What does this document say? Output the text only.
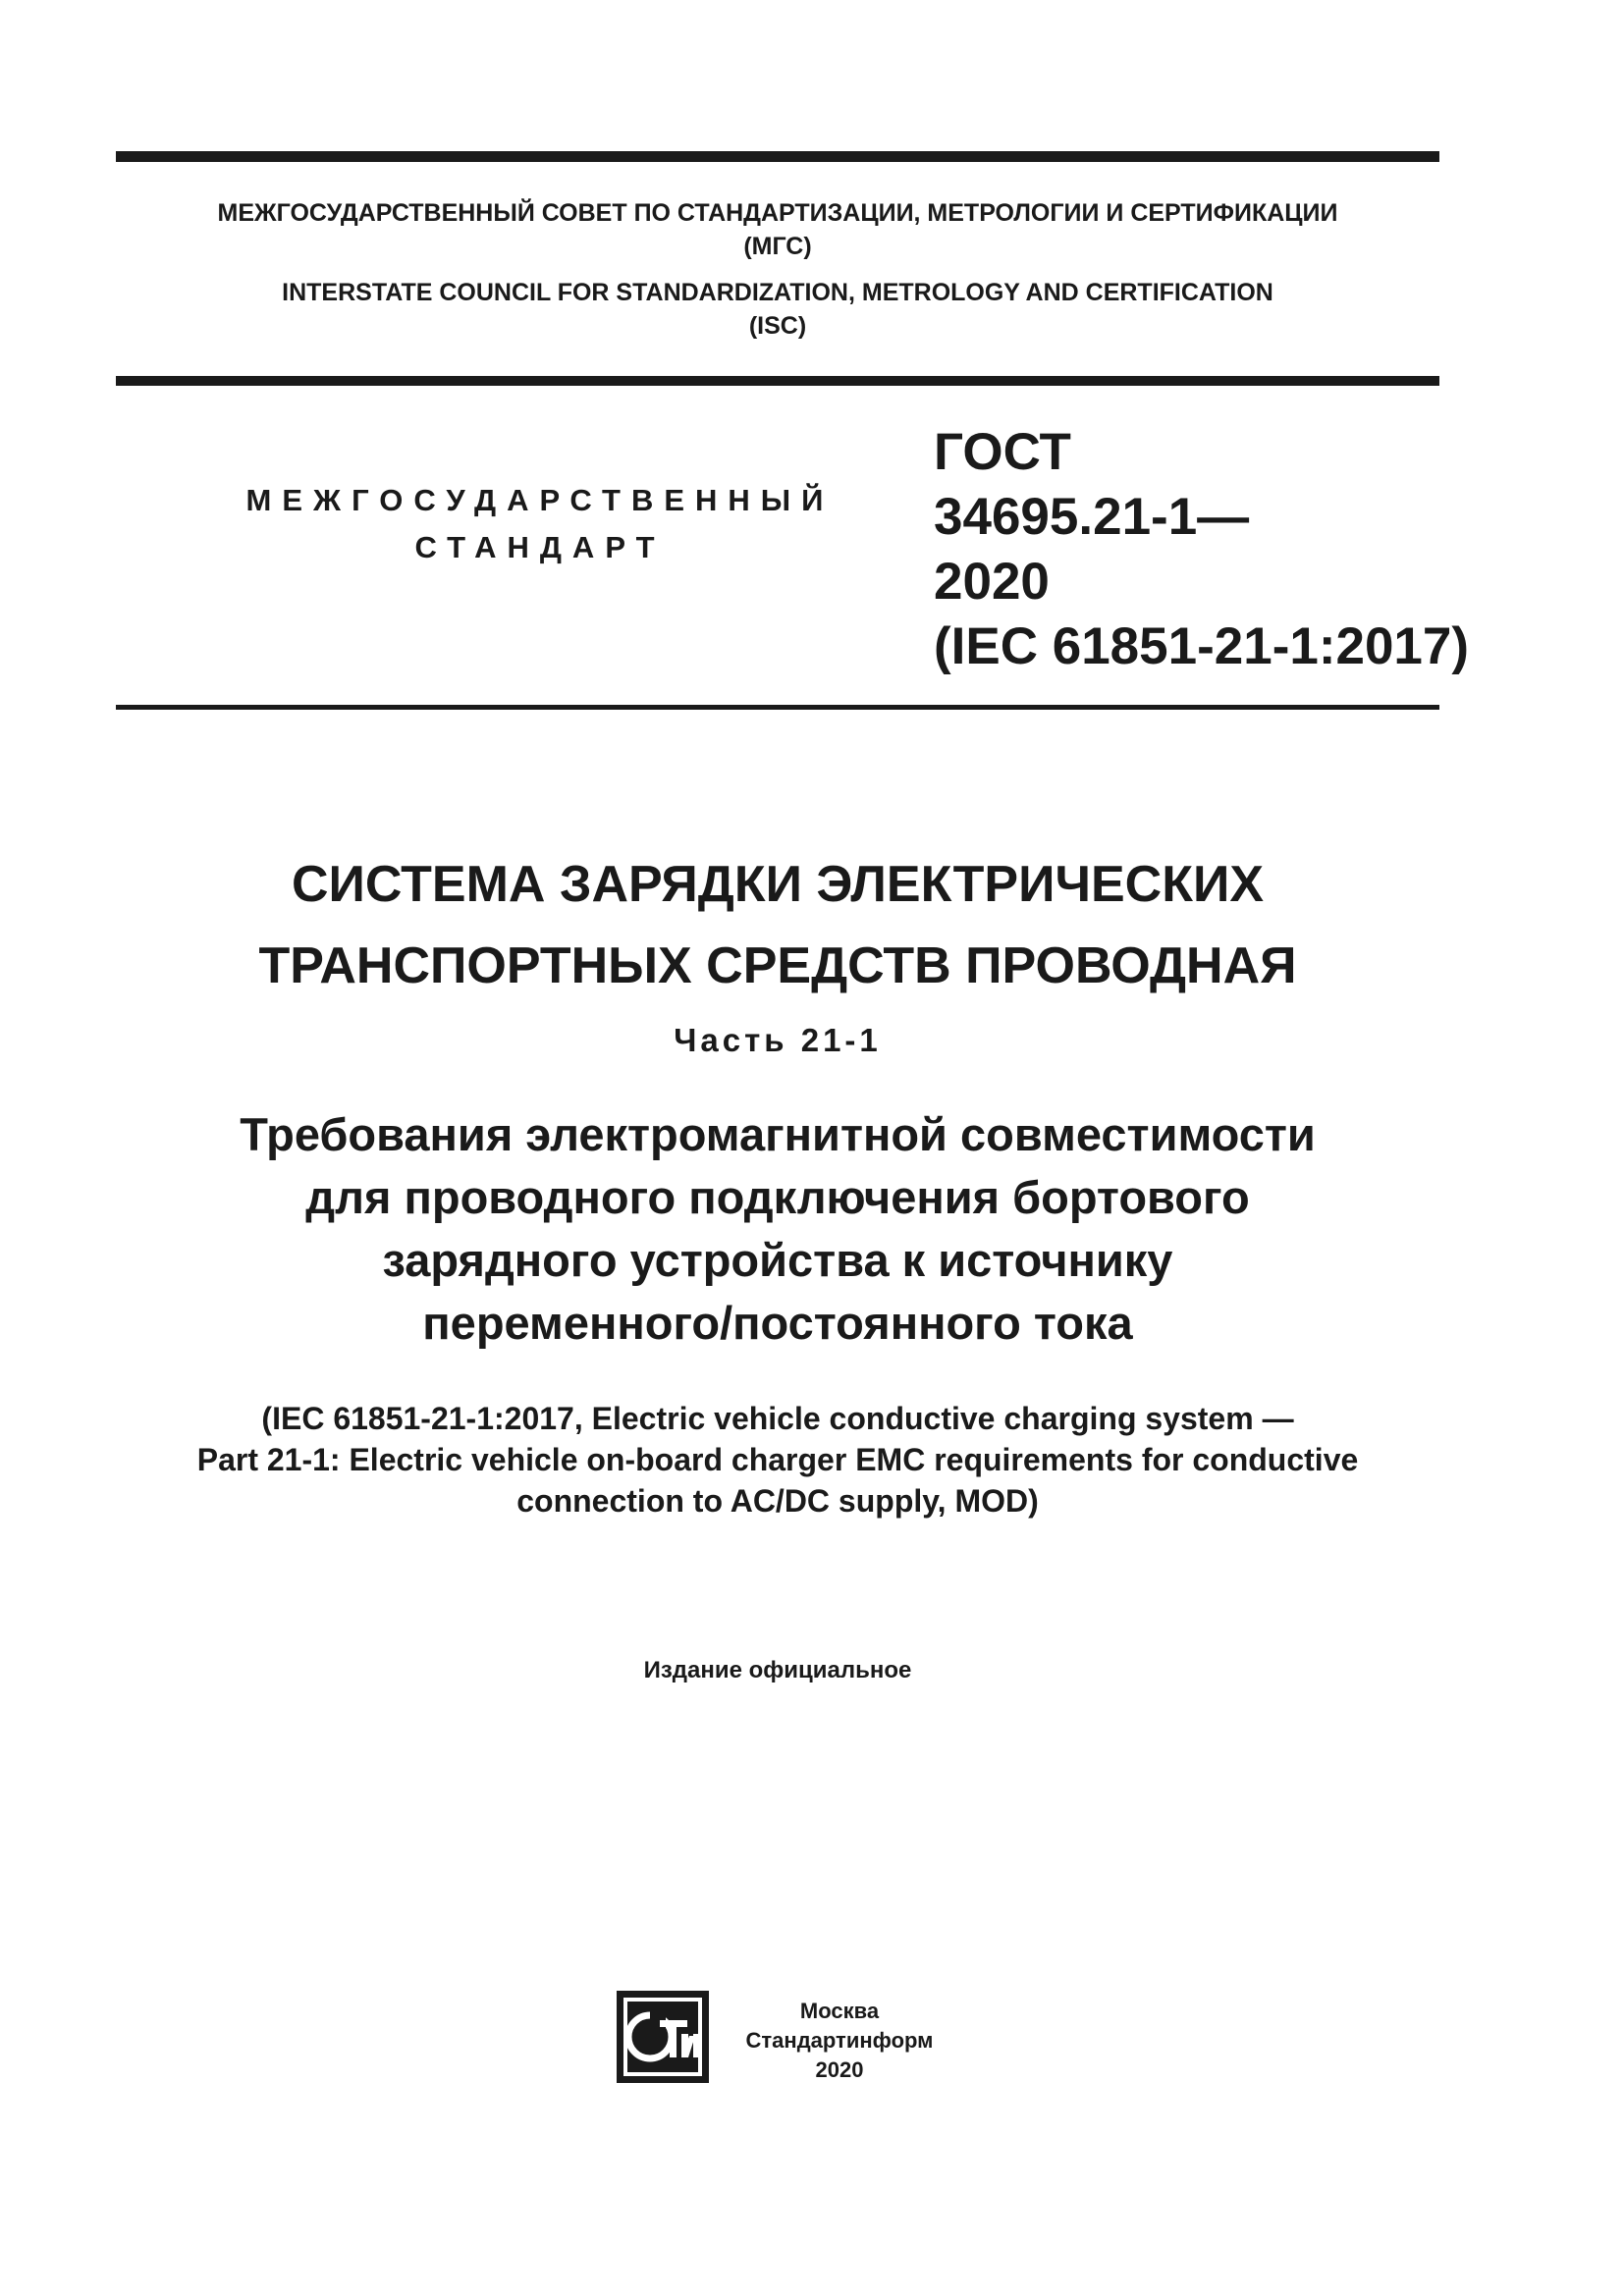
МЕЖГОСУДАРСТВЕННЫЙ СОВЕТ ПО СТАНДАРТИЗАЦИИ, МЕТРОЛОГИИ И СЕРТИФИКАЦИИ
(МГС)
INTERSTATE COUNCIL FOR STANDARDIZATION, METROLOGY AND CERTIFICATION
(ISC)
МЕЖГОСУДАРСТВЕННЫЙ
СТАНДАРТ
ГОСТ
34695.21-1—
2020
(IEC 61851-21-1:2017)
СИСТЕМА ЗАРЯДКИ ЭЛЕКТРИЧЕСКИХ
ТРАНСПОРТНЫХ СРЕДСТВ ПРОВОДНАЯ
Часть 21-1
Требования электромагнитной совместимости
для проводного подключения бортового
зарядного устройства к источнику
переменного/постоянного тока
(IEC 61851-21-1:2017, Electric vehicle conductive charging system —
Part 21-1: Electric vehicle on-board charger EMC requirements for conductive
connection to AC/DC supply, MOD)
Издание официальное
Москва
Стандартинформ
2020
